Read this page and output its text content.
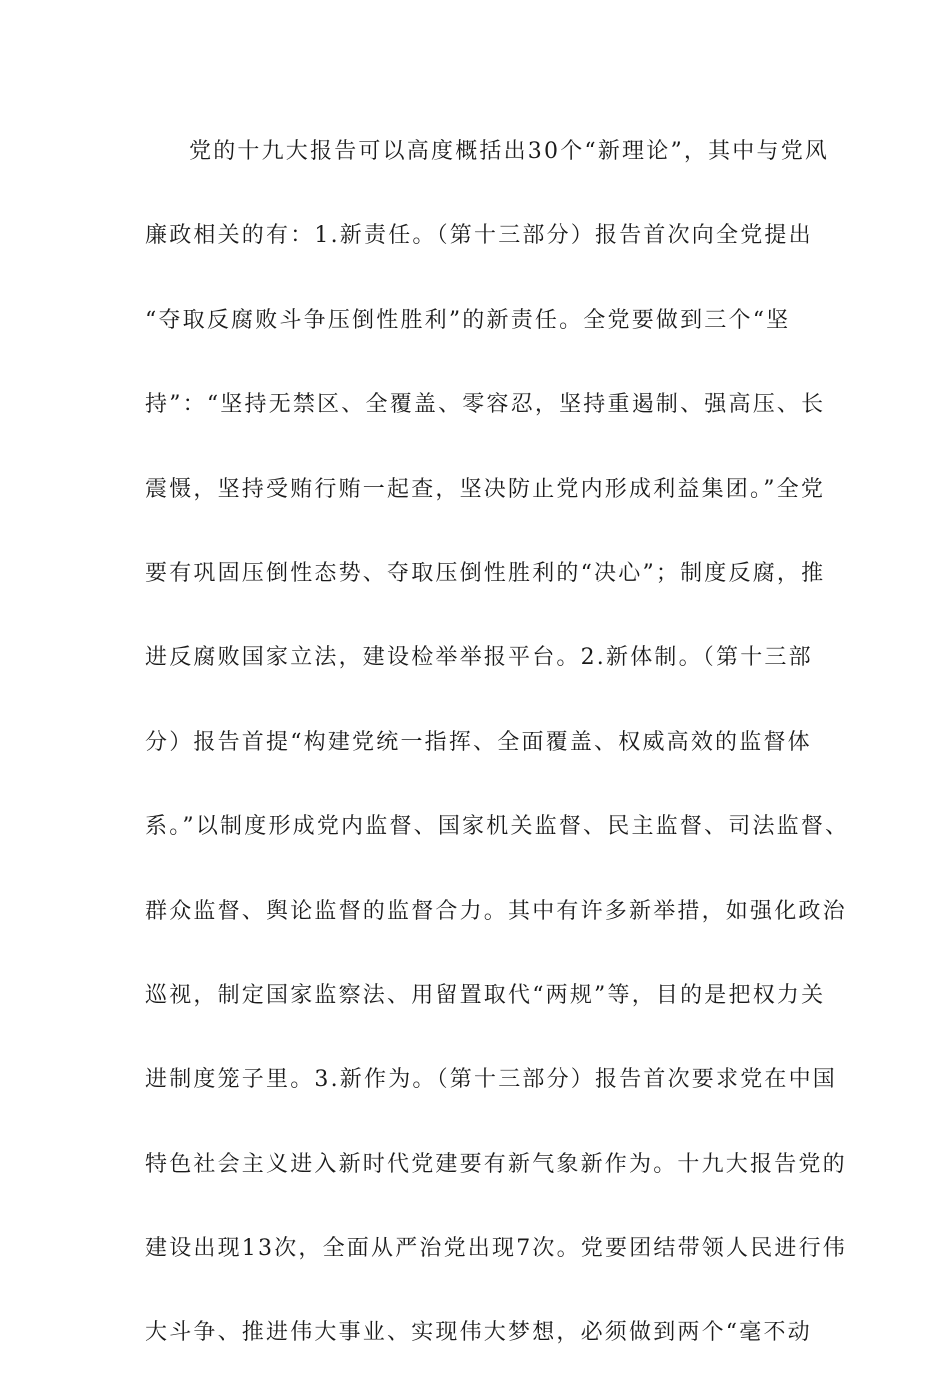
党的十九大报告可以高度概括出30个“新理论”，其中与党风
廉政相关的有：1.新责任。（第十三部分）报告首次向全党提出
“夺取反腐败斗争压倒性胜利”的新责任。全党要做到三个“坚
持”：“坚持无禁区、全覆盖、零容忍，坚持重遏制、强高压、长
震慑，坚持受贿行贿一起查，坚决防止党内形成利益集团。”全党
要有巩固压倒性态势、夺取压倒性胜利的“决心”；制度反腐，推
进反腐败国家立法，建设检举举报平台。2.新体制。（第十三部
分）报告首提“构建党统一指挥、全面覆盖、权威高效的监督体
系。”以制度形成党内监督、国家机关监督、民主监督、司法监督、
群众监督、舆论监督的监督合力。其中有许多新举措，如强化政治
巡视，制定国家监察法、用留置取代“两规”等，目的是把权力关
进制度笼子里。3.新作为。（第十三部分）报告首次要求党在中国
特色社会主义进入新时代党建要有新气象新作为。十九大报告党的
建设出现13次，全面从严治党出现7次。党要团结带领人民进行伟
大斗争、推进伟大事业、实现伟大梦想，必须做到两个“毫不动
